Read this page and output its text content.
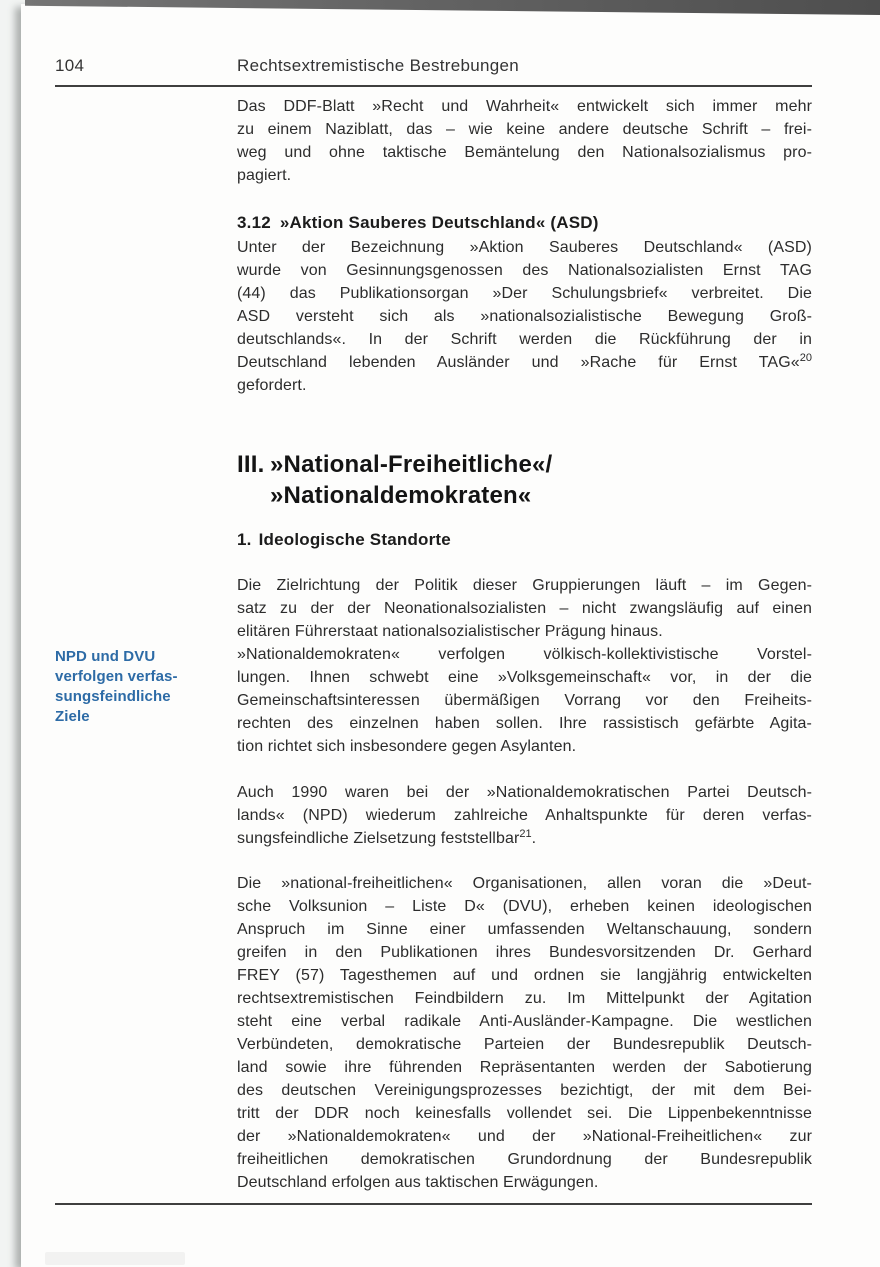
104	Rechtsextremistische Bestrebungen
Das DDF-Blatt »Recht und Wahrheit« entwickelt sich immer mehr
zu einem Naziblatt, das – wie keine andere deutsche Schrift – frei-
weg und ohne taktische Bemäntelung den Nationalsozialismus pro-
pagiert.
3.12 »Aktion Sauberes Deutschland« (ASD)
Unter der Bezeichnung »Aktion Sauberes Deutschland« (ASD)
wurde von Gesinnungsgenossen des Nationalsozialisten Ernst TAG
(44) das Publikationsorgan »Der Schulungsbrief« verbreitet. Die
ASD versteht sich als »nationalsozialistische Bewegung Groß-
deutschlands«. In der Schrift werden die Rückführung der in
Deutschland lebenden Ausländer und »Rache für Ernst TAG«$^{20}$
gefordert.
III. »National-Freiheitliche«/
»Nationaldemokraten«
1. Ideologische Standorte
Die Zielrichtung der Politik dieser Gruppierungen läuft – im Gegen-
satz zu der der Neonationalsozialisten – nicht zwangsläufig auf einen
elitären Führerstaat nationalsozialistischer Prägung hinaus.
»Nationaldemokraten« verfolgen völkisch-kollektivistische Vorstel-
lungen. Ihnen schwebt eine »Volksgemeinschaft« vor, in der die
Gemeinschaftsinteressen übermäßigen Vorrang vor den Freiheits-
rechten des einzelnen haben sollen. Ihre rassistisch gefärbte Agita-
tion richtet sich insbesondere gegen Asylanten.
NPD und DVU
verfolgen verfas-
sungsfeindliche
Ziele
Auch 1990 waren bei der »Nationaldemokratischen Partei Deutsch-
lands« (NPD) wiederum zahlreiche Anhaltspunkte für deren verfas-
sungsfeindliche Zielsetzung feststellbar$^{21}$.
Die »national-freiheitlichen« Organisationen, allen voran die »Deut-
sche Volksunion – Liste D« (DVU), erheben keinen ideologischen
Anspruch im Sinne einer umfassenden Weltanschauung, sondern
greifen in den Publikationen ihres Bundesvorsitzenden Dr. Gerhard
FREY (57) Tagesthemen auf und ordnen sie langjährig entwickelten
rechtsextremistischen Feindbildern zu. Im Mittelpunkt der Agitation
steht eine verbal radikale Anti-Ausländer-Kampagne. Die westlichen
Verbündeten, demokratische Parteien der Bundesrepublik Deutsch-
land sowie ihre führenden Repräsentanten werden der Sabotierung
des deutschen Vereinigungsprozesses bezichtigt, der mit dem Bei-
tritt der DDR noch keinesfalls vollendet sei. Die Lippenbekenntnisse
der »Nationaldemokraten« und der »National-Freiheitlichen« zur
freiheitlichen demokratischen Grundordnung der Bundesrepublik
Deutschland erfolgen aus taktischen Erwägungen.
